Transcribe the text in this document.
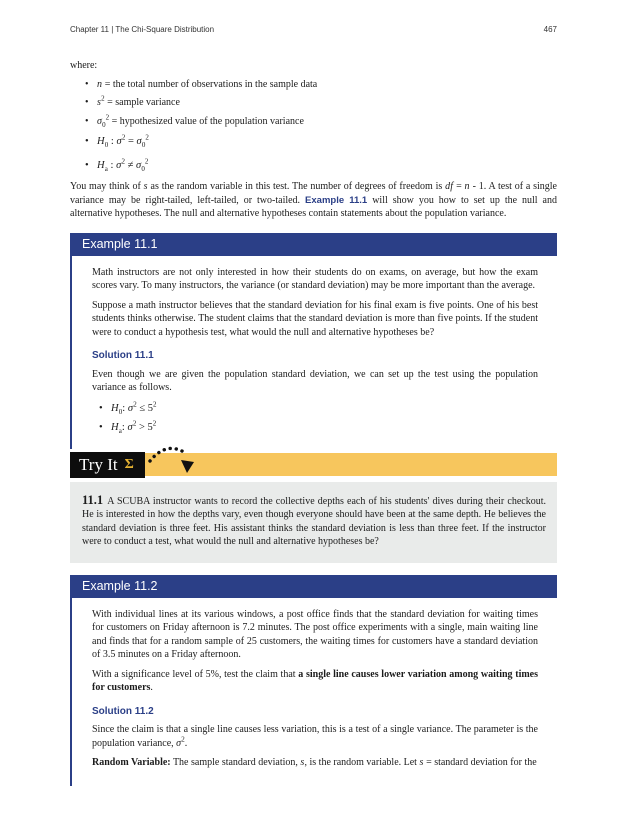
Chapter 11 | The Chi-Square Distribution	467

where:

• n = the total number of observations in the sample data
• $s^2$ = sample variance
• $\sigma_0^2$ = hypothesized value of the population variance
• $H_0$ : $\sigma^2 = \sigma_0^2$
• $H_a$ : $\sigma^2 \ne \sigma_0^2$

You may think of s as the random variable in this test. The number of degrees of freedom is df = n - 1. A test of a single variance may be right-tailed, left-tailed, or two-tailed. Example 11.1 will show you how to set up the null and alternative hypotheses. The null and alternative hypotheses contain statements about the population variance.

Example 11.1

Math instructors are not only interested in how their students do on exams, on average, but how the exam scores vary. To many instructors, the variance (or standard deviation) may be more important than the average.

Suppose a math instructor believes that the standard deviation for his final exam is five points. One of his best students thinks otherwise. The student claims that the standard deviation is more than five points. If the student were to conduct a hypothesis test, what would the null and alternative hypotheses be?

Solution 11.1

Even though we are given the population standard deviation, we can set up the test using the population variance as follows.

• $H_0$: $\sigma^2 \le 5^2$
• $H_a$: $\sigma^2 > 5^2$
Try It Σ
11.1 A SCUBA instructor wants to record the collective depths each of his students' dives during their checkout. He is interested in how the depths vary, even though everyone should have been at the same depth. He believes the standard deviation is three feet. His assistant thinks the standard deviation is less than three feet. If the instructor were to conduct a test, what would the null and alternative hypotheses be?
Example 11.2

With individual lines at its various windows, a post office finds that the standard deviation for waiting times for customers on Friday afternoon is 7.2 minutes. The post office experiments with a single, main waiting line and finds that for a random sample of 25 customers, the waiting times for customers have a standard deviation of 3.5 minutes on a Friday afternoon.

With a significance level of 5%, test the claim that a single line causes lower variation among waiting times for customers.

Solution 11.2

Since the claim is that a single line causes less variation, this is a test of a single variance. The parameter is the population variance, $\sigma^2$.

Random Variable: The sample standard deviation, s, is the random variable. Let s = standard deviation for the
